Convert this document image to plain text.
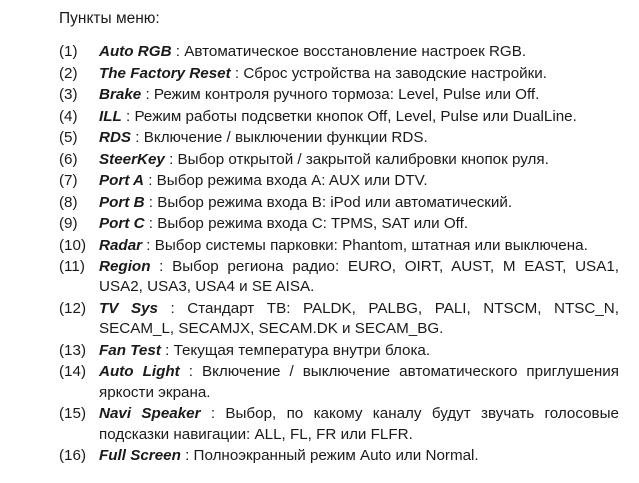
Пункты меню:
(1)	Auto RGB : Автоматическое восстановление настроек RGB.
(2)	The Factory Reset : Сброс устройства на заводские настройки.
(3)	Brake : Режим контроля ручного тормоза: Level, Pulse или Off.
(4)	ILL : Режим работы подсветки кнопок Off, Level, Pulse или DualLine.
(5)	RDS : Включение / выключении функции RDS.
(6)	SteerKey : Выбор открытой / закрытой калибровки кнопок руля.
(7)	Port A : Выбор режима входа A: AUX или DTV.
(8)	Port B : Выбор режима входа B: iPod или автоматический.
(9)	Port C : Выбор режима входа C: TPMS, SAT или Off.
(10) Radar : Выбор системы парковки: Phantom, штатная или выключена.
(11) Region : Выбор региона радио: EURO, OIRT, AUST, M EAST, USA1, USA2, USA3, USA4 и SE AISA.
(12) TV Sys : Стандарт ТВ: PALDK, PALBG, PALI, NTSCM, NTSC_N, SECAM_L, SECAMJX, SECAM.DK и SECAM_BG.
(13) Fan Test : Текущая температура внутри блока.
(14) Auto Light : Включение / выключение автоматического приглушения яркости экрана.
(15) Navi Speaker : Выбор, по какому каналу будут звучать голосовые подсказки навигации: ALL, FL, FR или FLFR.
(16) Full Screen : Полноэкранный режим Auto или Normal.
